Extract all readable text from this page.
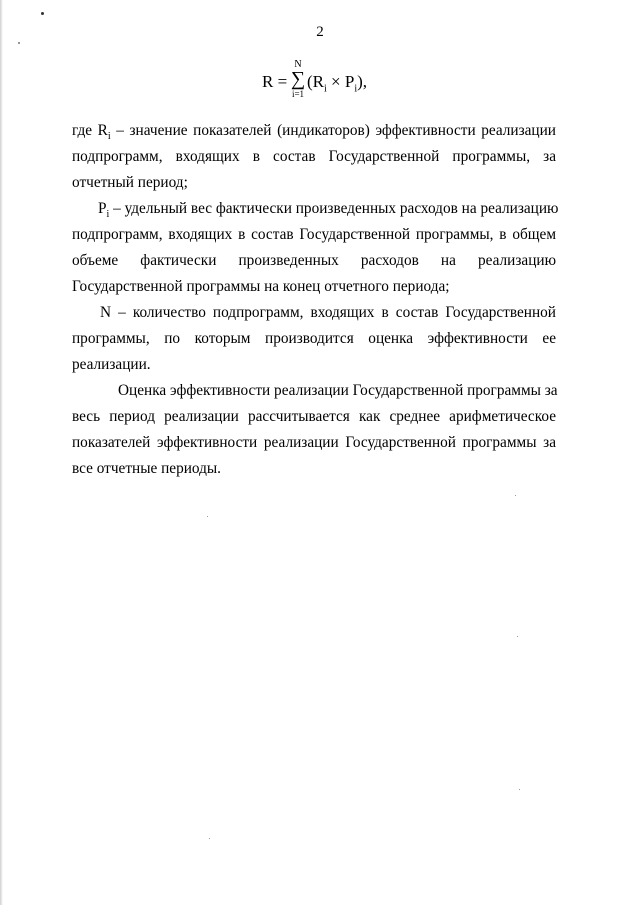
2
R =
N
∑
i=1
$(R_i \times P_i)$,
где $R_i$ – значение показателей (индикаторов) эффективности реализации
подпрограмм, входящих в состав Государственной программы, за
отчетный период;
$P_i$ – удельный вес фактически произведенных расходов на реализацию
подпрограмм, входящих в состав Государственной программы, в общем
объеме фактически произведенных расходов на реализацию
Государственной программы на конец отчетного периода;
N – количество подпрограмм, входящих в состав Государственной
программы, по которым производится оценка эффективности ее
реализации.
Оценка эффективности реализации Государственной программы за
весь период реализации рассчитывается как среднее арифметическое
показателей эффективности реализации Государственной программы за
все отчетные периоды.
